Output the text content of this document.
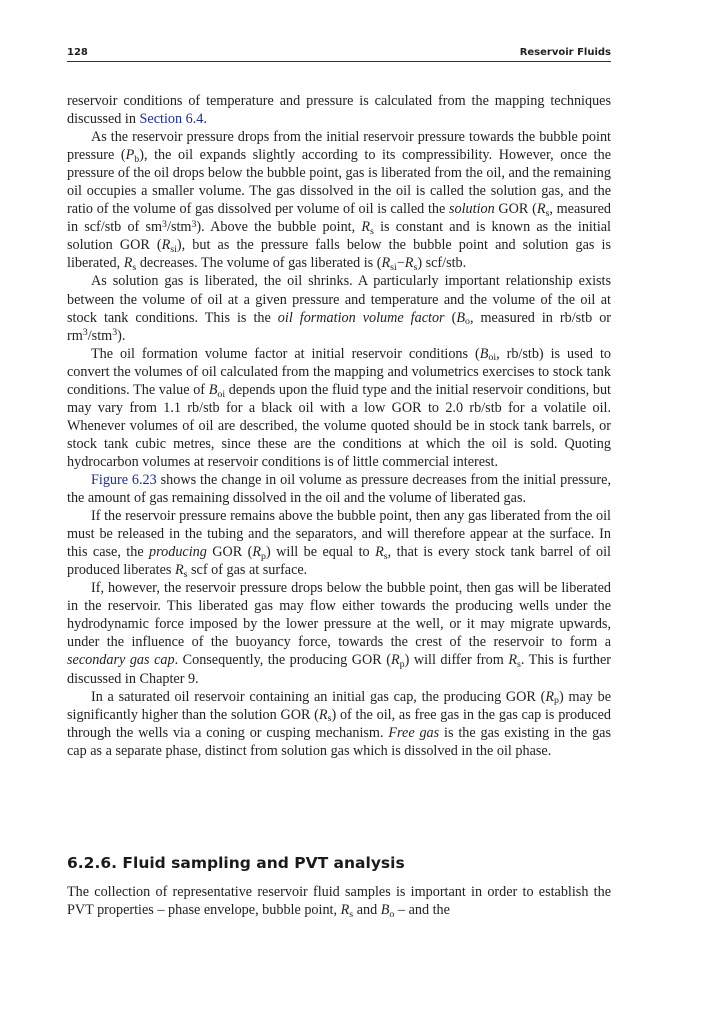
128	Reservoir Fluids

reservoir conditions of temperature and pressure is calculated from the mapping techniques discussed in Section 6.4.

As the reservoir pressure drops from the initial reservoir pressure towards the bubble point pressure $(P_b)$, the oil expands slightly according to its compressibility. However, once the pressure of the oil drops below the bubble point, gas is liberated from the oil, and the remaining oil occupies a smaller volume. The gas dissolved in the oil is called the solution gas, and the ratio of the volume of gas dissolved per volume of oil is called the solution GOR ($R_s$, measured in scf/stb of $sm^3/stm^3$). Above the bubble point, $R_s$ is constant and is known as the initial solution GOR $(R_{si})$, but as the pressure falls below the bubble point and solution gas is liberated, $R_s$ decreases. The volume of gas liberated is $(R_{si}-R_s)$ scf/stb.

As solution gas is liberated, the oil shrinks. A particularly important relationship exists between the volume of oil at a given pressure and temperature and the volume of the oil at stock tank conditions. This is the oil formation volume factor ($B_o$, measured in rb/stb or $rm^3/stm^3$).

The oil formation volume factor at initial reservoir conditions ($B_{oi}$, rb/stb) is used to convert the volumes of oil calculated from the mapping and volumetrics exercises to stock tank conditions. The value of $B_{oi}$ depends upon the fluid type and the initial reservoir conditions, but may vary from 1.1 rb/stb for a black oil with a low GOR to 2.0 rb/stb for a volatile oil. Whenever volumes of oil are described, the volume quoted should be in stock tank barrels, or stock tank cubic metres, since these are the conditions at which the oil is sold. Quoting hydrocarbon volumes at reservoir conditions is of little commercial interest.

Figure 6.23 shows the change in oil volume as pressure decreases from the initial pressure, the amount of gas remaining dissolved in the oil and the volume of liberated gas.

If the reservoir pressure remains above the bubble point, then any gas liberated from the oil must be released in the tubing and the separators, and will therefore appear at the surface. In this case, the producing GOR $(R_p)$ will be equal to $R_s$, that is every stock tank barrel of oil produced liberates $R_s$ scf of gas at surface.

If, however, the reservoir pressure drops below the bubble point, then gas will be liberated in the reservoir. This liberated gas may flow either towards the producing wells under the hydrodynamic force imposed by the lower pressure at the well, or it may migrate upwards, under the influence of the buoyancy force, towards the crest of the reservoir to form a secondary gas cap. Consequently, the producing GOR $(R_p)$ will differ from $R_s$. This is further discussed in Chapter 9.

In a saturated oil reservoir containing an initial gas cap, the producing GOR $(R_p)$ may be significantly higher than the solution GOR $(R_s)$ of the oil, as free gas in the gas cap is produced through the wells via a coning or cusping mechanism. Free gas is the gas existing in the gas cap as a separate phase, distinct from solution gas which is dissolved in the oil phase.

6.2.6. Fluid sampling and PVT analysis

The collection of representative reservoir fluid samples is important in order to establish the PVT properties – phase envelope, bubble point, $R_s$ and $B_o$ – and the
